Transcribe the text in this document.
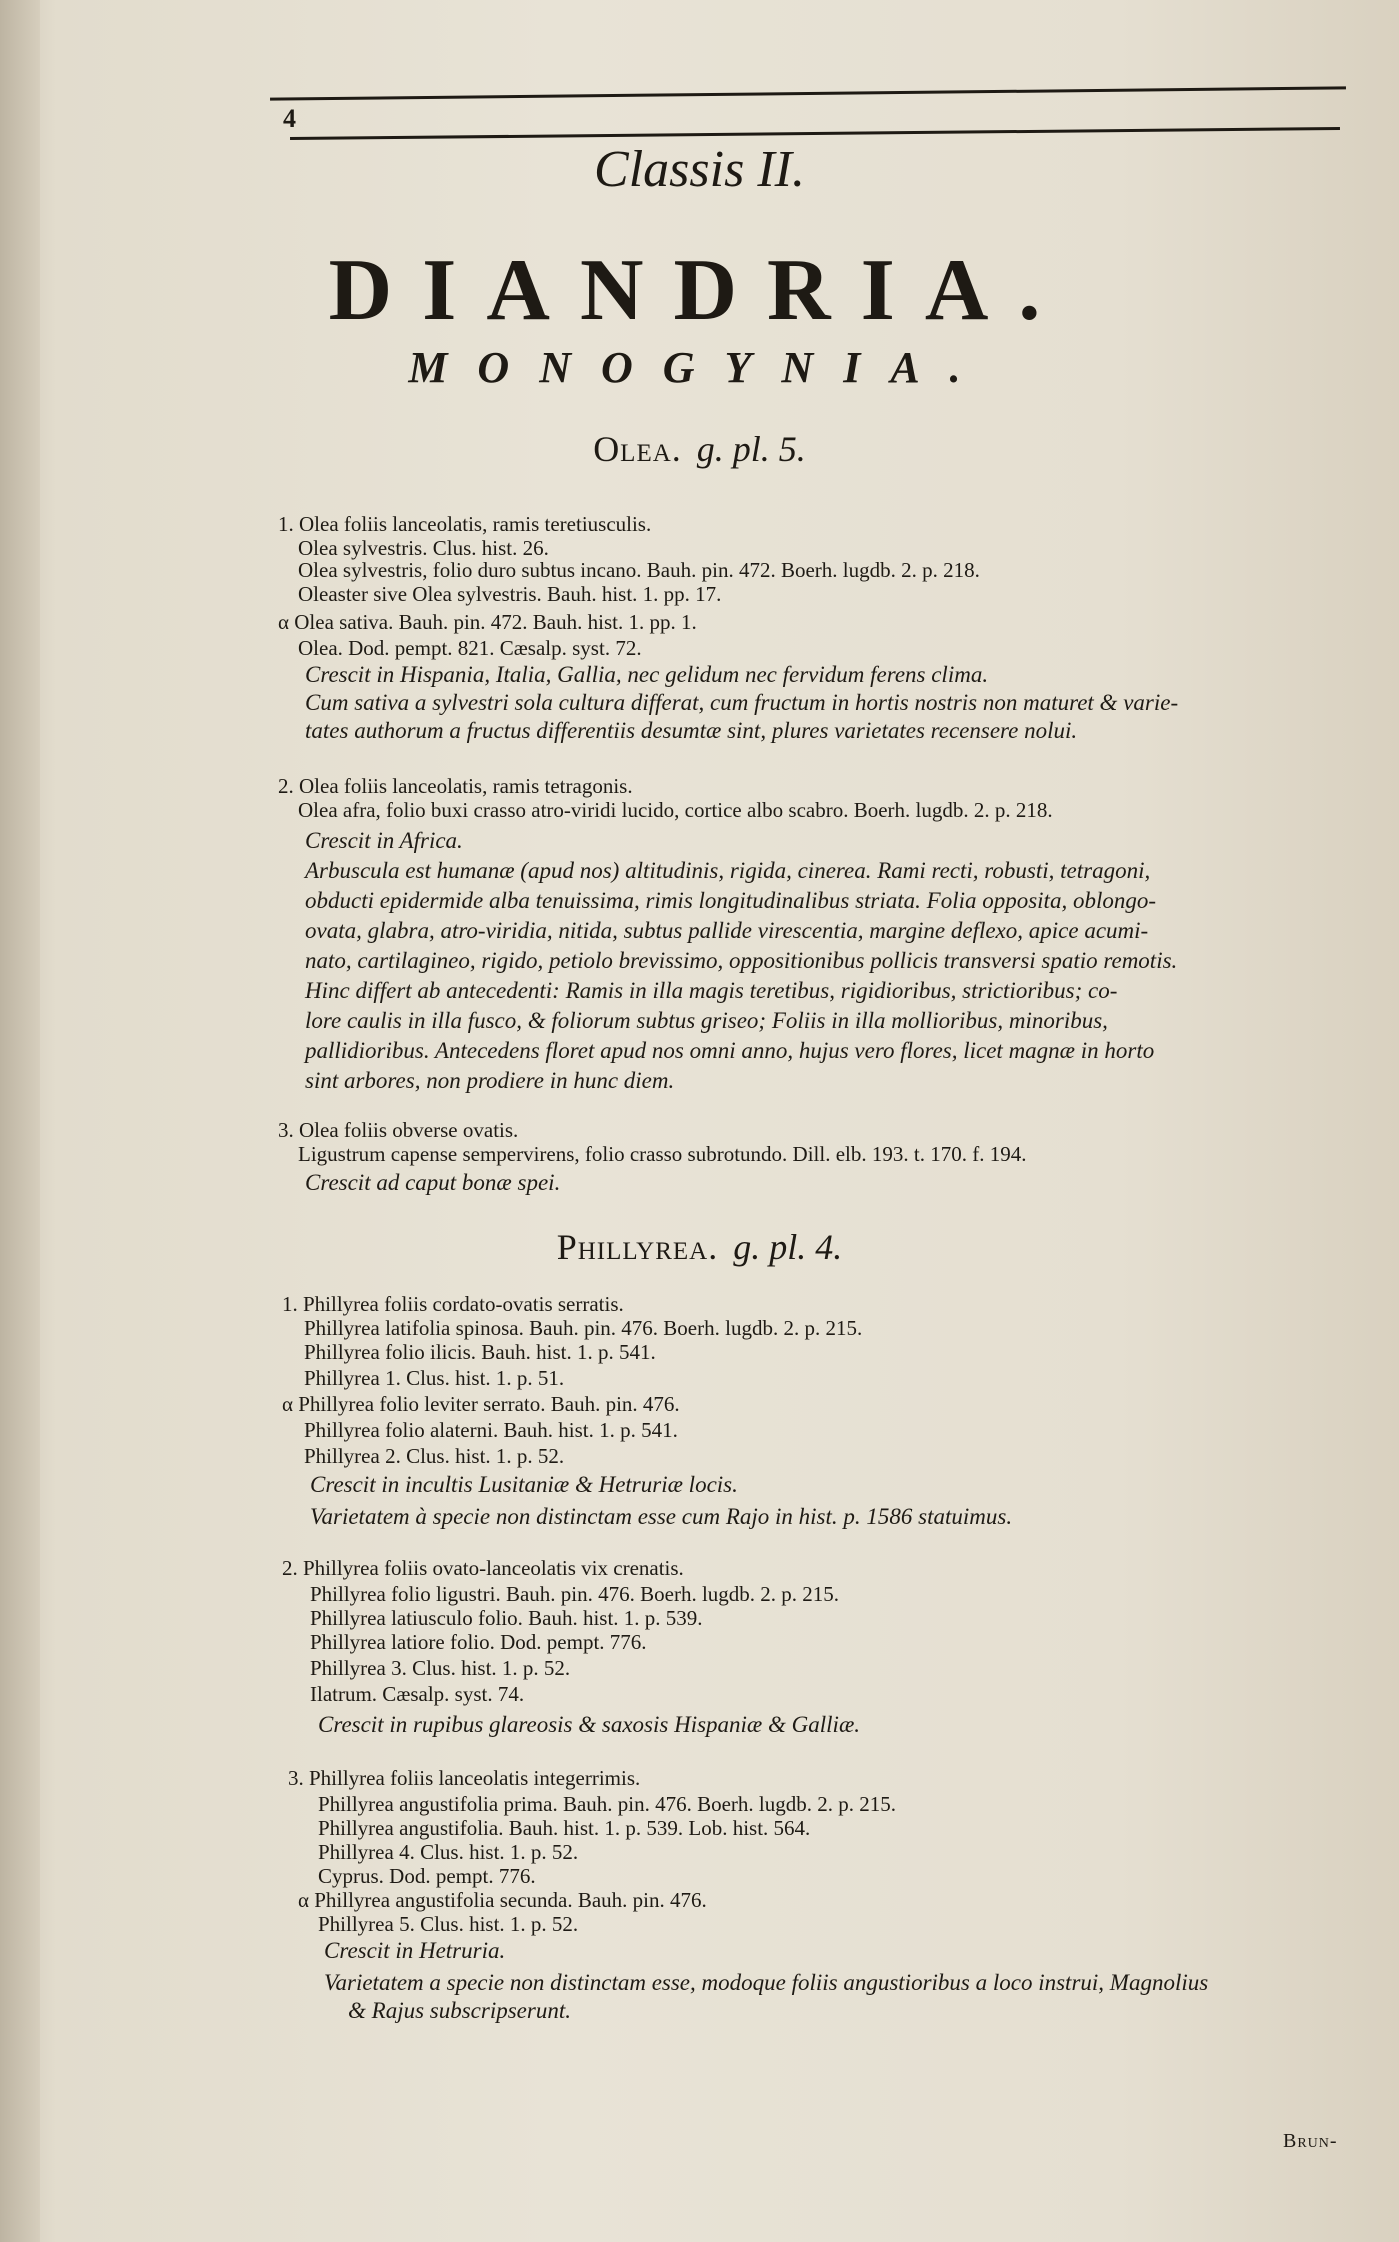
4
Classis II.
DIANDRIA.
MONOGYNIA.
Olea. g. pl. 5.
1. Olea foliis lanceolatis, ramis teretiusculis.
Olea sylvestris. Clus. hist. 26.
Olea sylvestris, folio duro subtus incano. Bauh. pin. 472. Boerh. lugdb. 2. p. 218.
Oleaster sive Olea sylvestris. Bauh. hist. 1. pp. 17.
α Olea sativa. Bauh. pin. 472. Bauh. hist. 1. pp. 1.
Olea. Dod. pempt. 821. Cæsalp. syst. 72.
Crescit in Hispania, Italia, Gallia, nec gelidum nec fervidum ferens clima.
Cum sativa a sylvestri sola cultura differat, cum fructum in hortis nostris non maturet & varie-
tates authorum a fructus differentiis desumtæ sint, plures varietates recensere nolui.
2. Olea foliis lanceolatis, ramis tetragonis.
Olea afra, folio buxi crasso atro-viridi lucido, cortice albo scabro. Boerh. lugdb. 2. p. 218.
Crescit in Africa.
Arbuscula est humanæ (apud nos) altitudinis, rigida, cinerea. Rami recti, robusti, tetragoni,
obducti epidermide alba tenuissima, rimis longitudinalibus striata. Folia opposita, oblongo-
ovata, glabra, atro-viridia, nitida, subtus pallide virescentia, margine deflexo, apice acumi-
nato, cartilagineo, rigido, petiolo brevissimo, oppositionibus pollicis transversi spatio remotis.
Hinc differt ab antecedenti: Ramis in illa magis teretibus, rigidioribus, strictioribus; co-
lore caulis in illa fusco, & foliorum subtus griseo; Foliis in illa mollioribus, minoribus,
pallidioribus. Antecedens floret apud nos omni anno, hujus vero flores, licet magnæ in horto
sint arbores, non prodiere in hunc diem.
3. Olea foliis obverse ovatis.
Ligustrum capense sempervirens, folio crasso subrotundo. Dill. elb. 193. t. 170. f. 194.
Crescit ad caput bonæ spei.
Phillyrea. g. pl. 4.
1. Phillyrea foliis cordato-ovatis serratis.
Phillyrea latifolia spinosa. Bauh. pin. 476. Boerh. lugdb. 2. p. 215.
Phillyrea folio ilicis. Bauh. hist. 1. p. 541.
Phillyrea 1. Clus. hist. 1. p. 51.
α Phillyrea folio leviter serrato. Bauh. pin. 476.
Phillyrea folio alaterni. Bauh. hist. 1. p. 541.
Phillyrea 2. Clus. hist. 1. p. 52.
Crescit in incultis Lusitaniæ & Hetruriæ locis.
Varietatem à specie non distinctam esse cum Rajo in hist. p. 1586 statuimus.
2. Phillyrea foliis ovato-lanceolatis vix crenatis.
Phillyrea folio ligustri. Bauh. pin. 476. Boerh. lugdb. 2. p. 215.
Phillyrea latiusculo folio. Bauh. hist. 1. p. 539.
Phillyrea latiore folio. Dod. pempt. 776.
Phillyrea 3. Clus. hist. 1. p. 52.
Ilatrum. Cæsalp. syst. 74.
Crescit in rupibus glareosis & saxosis Hispaniæ & Galliæ.
3. Phillyrea foliis lanceolatis integerrimis.
Phillyrea angustifolia prima. Bauh. pin. 476. Boerh. lugdb. 2. p. 215.
Phillyrea angustifolia. Bauh. hist. 1. p. 539. Lob. hist. 564.
Phillyrea 4. Clus. hist. 1. p. 52.
Cyprus. Dod. pempt. 776.
α Phillyrea angustifolia secunda. Bauh. pin. 476.
Phillyrea 5. Clus. hist. 1. p. 52.
Crescit in Hetruria.
Varietatem a specie non distinctam esse, modoque foliis angustioribus a loco instrui, Magnolius
& Rajus subscripserunt.
Brun-
